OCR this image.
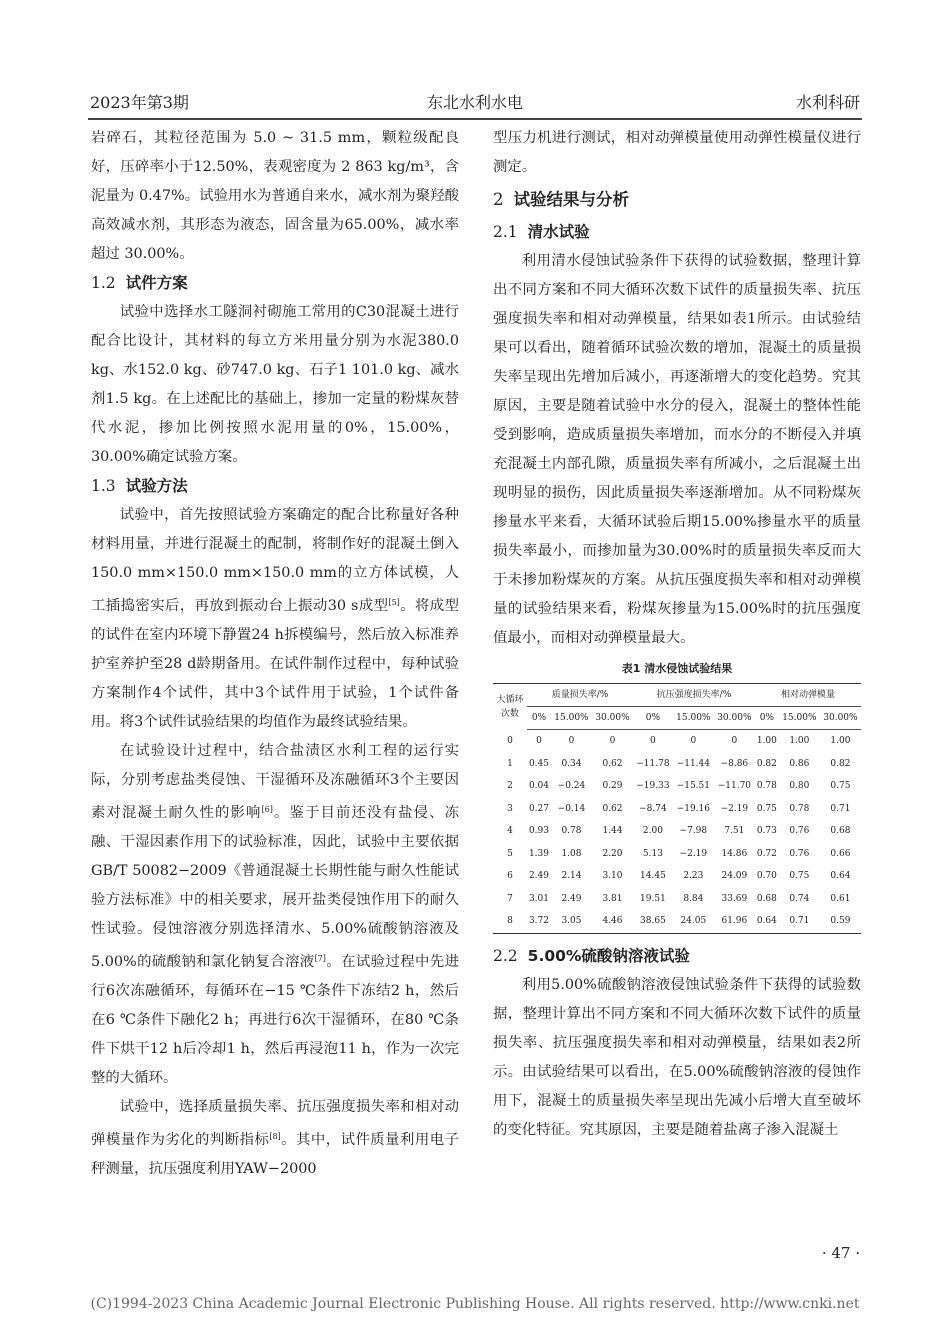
2023年第3期	东北水利水电	水利科研

岩碎石，其粒径范围为 5.0 ~ 31.5 mm，颗粒级配良好，压碎率小于12.50%，表观密度为 2 863 kg/m³，含泥量为 0.47%。试验用水为普通自来水，减水剂为聚羟酸高效减水剂，其形态为液态，固含量为65.00%，减水率超过 30.00%。

1.2 试件方案

试验中选择水工隧洞衬砌施工常用的C30混凝土进行配合比设计，其材料的每立方米用量分别为水泥380.0 kg、水152.0 kg、砂747.0 kg、石子1 101.0 kg、减水剂1.5 kg。在上述配比的基础上，掺加一定量的粉煤灰替代水泥，掺加比例按照水泥用量的0%，15.00%，30.00%确定试验方案。

1.3 试验方法

试验中，首先按照试验方案确定的配合比称量好各种材料用量，并进行混凝土的配制，将制作好的混凝土倒入150.0 mm×150.0 mm×150.0 mm的立方体试模，人工插捣密实后，再放到振动台上振动30 s成型[5]。将成型的试件在室内环境下静置24 h拆模编号，然后放入标准养护室养护至28 d龄期备用。在试件制作过程中，每种试验方案制作4个试件，其中3个试件用于试验，1个试件备用。将3个试件试验结果的均值作为最终试验结果。

在试验设计过程中，结合盐渍区水利工程的运行实际，分别考虑盐类侵蚀、干湿循环及冻融循环3个主要因素对混凝土耐久性的影响[6]。鉴于目前还没有盐侵、冻融、干湿因素作用下的试验标准，因此，试验中主要依据GB/T 50082−2009《普通混凝土长期性能与耐久性能试验方法标准》中的相关要求，展开盐类侵蚀作用下的耐久性试验。侵蚀溶液分别选择清水、5.00%硫酸钠溶液及5.00%的硫酸钠和氯化钠复合溶液[7]。在试验过程中先进行6次冻融循环，每循环在−15 ℃条件下冻结2 h，然后在6 ℃条件下融化2 h；再进行6次干湿循环，在80 ℃条件下烘干12 h后冷却1 h，然后再浸泡11 h，作为一次完整的大循环。

试验中，选择质量损失率、抗压强度损失率和相对动弹模量作为劣化的判断指标[8]。其中，试件质量利用电子秤测量，抗压强度利用YAW−2000

型压力机进行测试，相对动弹模量使用动弹性模量仪进行测定。

2 试验结果与分析
2.1 清水试验

利用清水侵蚀试验条件下获得的试验数据，整理计算出不同方案和不同大循环次数下试件的质量损失率、抗压强度损失率和相对动弹模量，结果如表1所示。由试验结果可以看出，随着循环试验次数的增加，混凝土的质量损失率呈现出先增加后减小，再逐渐增大的变化趋势。究其原因，主要是随着试验中水分的侵入，混凝土的整体性能受到影响，造成质量损失率增加，而水分的不断侵入并填充混凝土内部孔隙，质量损失率有所减小，之后混凝土出现明显的损伤，因此质量损失率逐渐增加。从不同粉煤灰掺量水平来看，大循环试验后期15.00%掺量水平的质量损失率最小，而掺加量为30.00%时的质量损失率反而大于未掺加粉煤灰的方案。从抗压强度损失率和相对动弹模量的试验结果来看，粉煤灰掺量为15.00%时的抗压强度值最小，而相对动弹模量最大。

表1 清水侵蚀试验结果
大循环次数	质量损失率/%			抗压强度损失率/%			相对动弹模量		
	0%	15.00%	30.00%	0%	15.00%	30.00%	0%	15.00%	30.00%
0	0	0	0	0	0	0	1.00	1.00	1.00
1	0.45	0.34	0.62	−11.78	−11.44	−8.86	0.82	0.86	0.82
2	0.04	−0.24	0.29	−19.33	−15.51	−11.70	0.78	0.80	0.75
3	0.27	−0.14	0.62	−8.74	−19.16	−2.19	0.75	0.78	0.71
4	0.93	0.78	1.44	2.00	−7.98	7.51	0.73	0.76	0.68
5	1.39	1.08	2.20	5.13	−2.19	14.86	0.72	0.76	0.66
6	2.49	2.14	3.10	14.45	2.23	24.09	0.70	0.75	0.64
7	3.01	2.49	3.81	19.51	8.84	33.69	0.68	0.74	0.61
8	3.72	3.05	4.46	38.65	24.05	61.96	0.64	0.71	0.59
2.2 5.00%硫酸钠溶液试验

利用5.00%硫酸钠溶液侵蚀试验条件下获得的试验数据，整理计算出不同方案和不同大循环次数下试件的质量损失率、抗压强度损失率和相对动弹模量，结果如表2所示。由试验结果可以看出，在5.00%硫酸钠溶液的侵蚀作用下，混凝土的质量损失率呈现出先减小后增大直至破坏的变化特征。究其原因，主要是随着盐离子渗入混凝土

· 47 ·
(C)1994-2023 China Academic Journal Electronic Publishing House. All rights reserved. http://www.cnki.net
